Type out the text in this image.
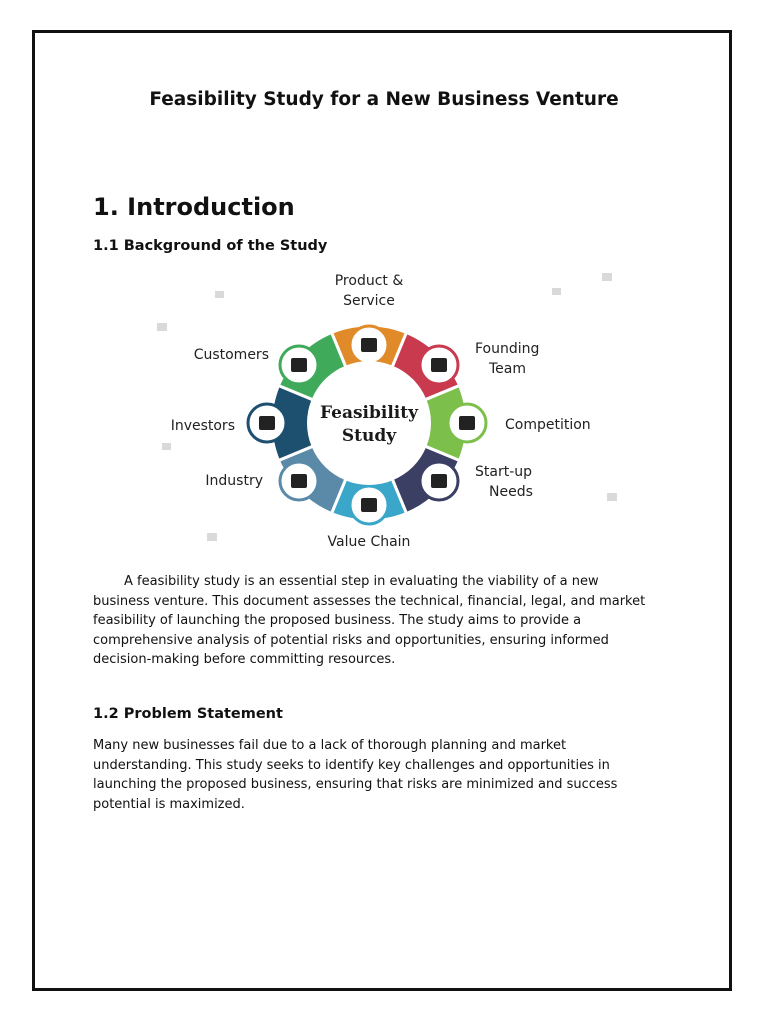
Feasibility Study for a New Business Venture
1. Introduction
1.1 Background of the Study
Feasibility
Study
Product &
Service
Founding
Team
Competition
Start-up
Needs
Value Chain
Industry
Investors
Customers

A feasibility study is an essential step in evaluating the viability of a new business venture. This document assesses the technical, financial, legal, and market feasibility of launching the proposed business. The study aims to provide a comprehensive analysis of potential risks and opportunities, ensuring informed decision-making before committing resources.

1.2 Problem Statement

Many new businesses fail due to a lack of thorough planning and market understanding. This study seeks to identify key challenges and opportunities in launching the proposed business, ensuring that risks are minimized and success potential is maximized.
